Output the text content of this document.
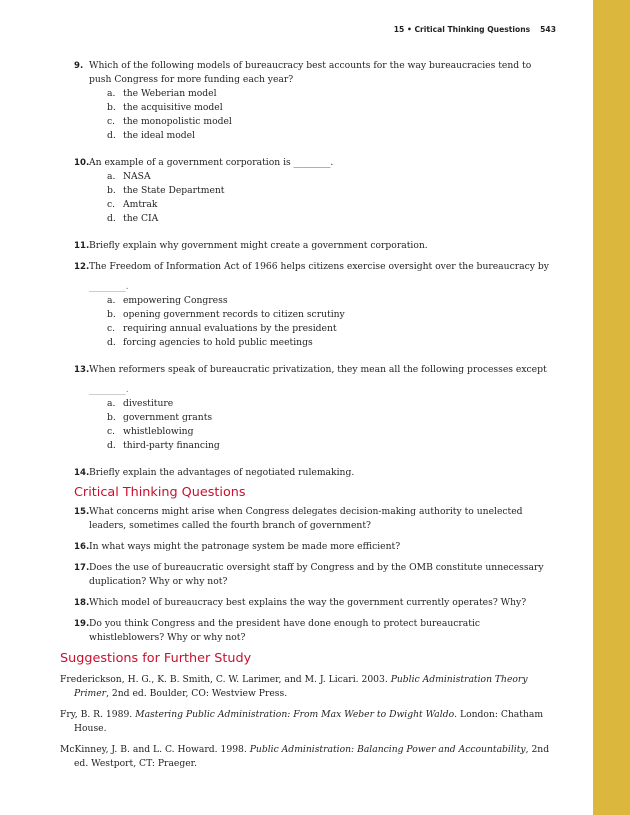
15 • Critical Thinking Questions 543
9. Which of the following models of bureaucracy best accounts for the way bureaucracies tend to push Congress for more funding each year?
a. the Weberian model
b. the acquisitive model
c. the monopolistic model
d. the ideal model
10. An example of a government corporation is ________.
a. NASA
b. the State Department
c. Amtrak
d. the CIA
11. Briefly explain why government might create a government corporation.
12. The Freedom of Information Act of 1966 helps citizens exercise oversight over the bureaucracy by
________.
a. empowering Congress
b. opening government records to citizen scrutiny
c. requiring annual evaluations by the president
d. forcing agencies to hold public meetings
13. When reformers speak of bureaucratic privatization, they mean all the following processes except
________.
a. divestiture
b. government grants
c. whistleblowing
d. third-party financing
14. Briefly explain the advantages of negotiated rulemaking.
Critical Thinking Questions
15. What concerns might arise when Congress delegates decision-making authority to unelected leaders, sometimes called the fourth branch of government?
16. In what ways might the patronage system be made more efficient?
17. Does the use of bureaucratic oversight staff by Congress and by the OMB constitute unnecessary duplication? Why or why not?
18. Which model of bureaucracy best explains the way the government currently operates? Why?
19. Do you think Congress and the president have done enough to protect bureaucratic whistleblowers? Why or why not?
Suggestions for Further Study
Frederickson, H. G., K. B. Smith, C. W. Larimer, and M. J. Licari. 2003. Public Administration Theory Primer, 2nd ed. Boulder, CO: Westview Press.
Fry, B. R. 1989. Mastering Public Administration: From Max Weber to Dwight Waldo. London: Chatham House.
McKinney, J. B. and L. C. Howard. 1998. Public Administration: Balancing Power and Accountability, 2nd ed. Westport, CT: Praeger.
